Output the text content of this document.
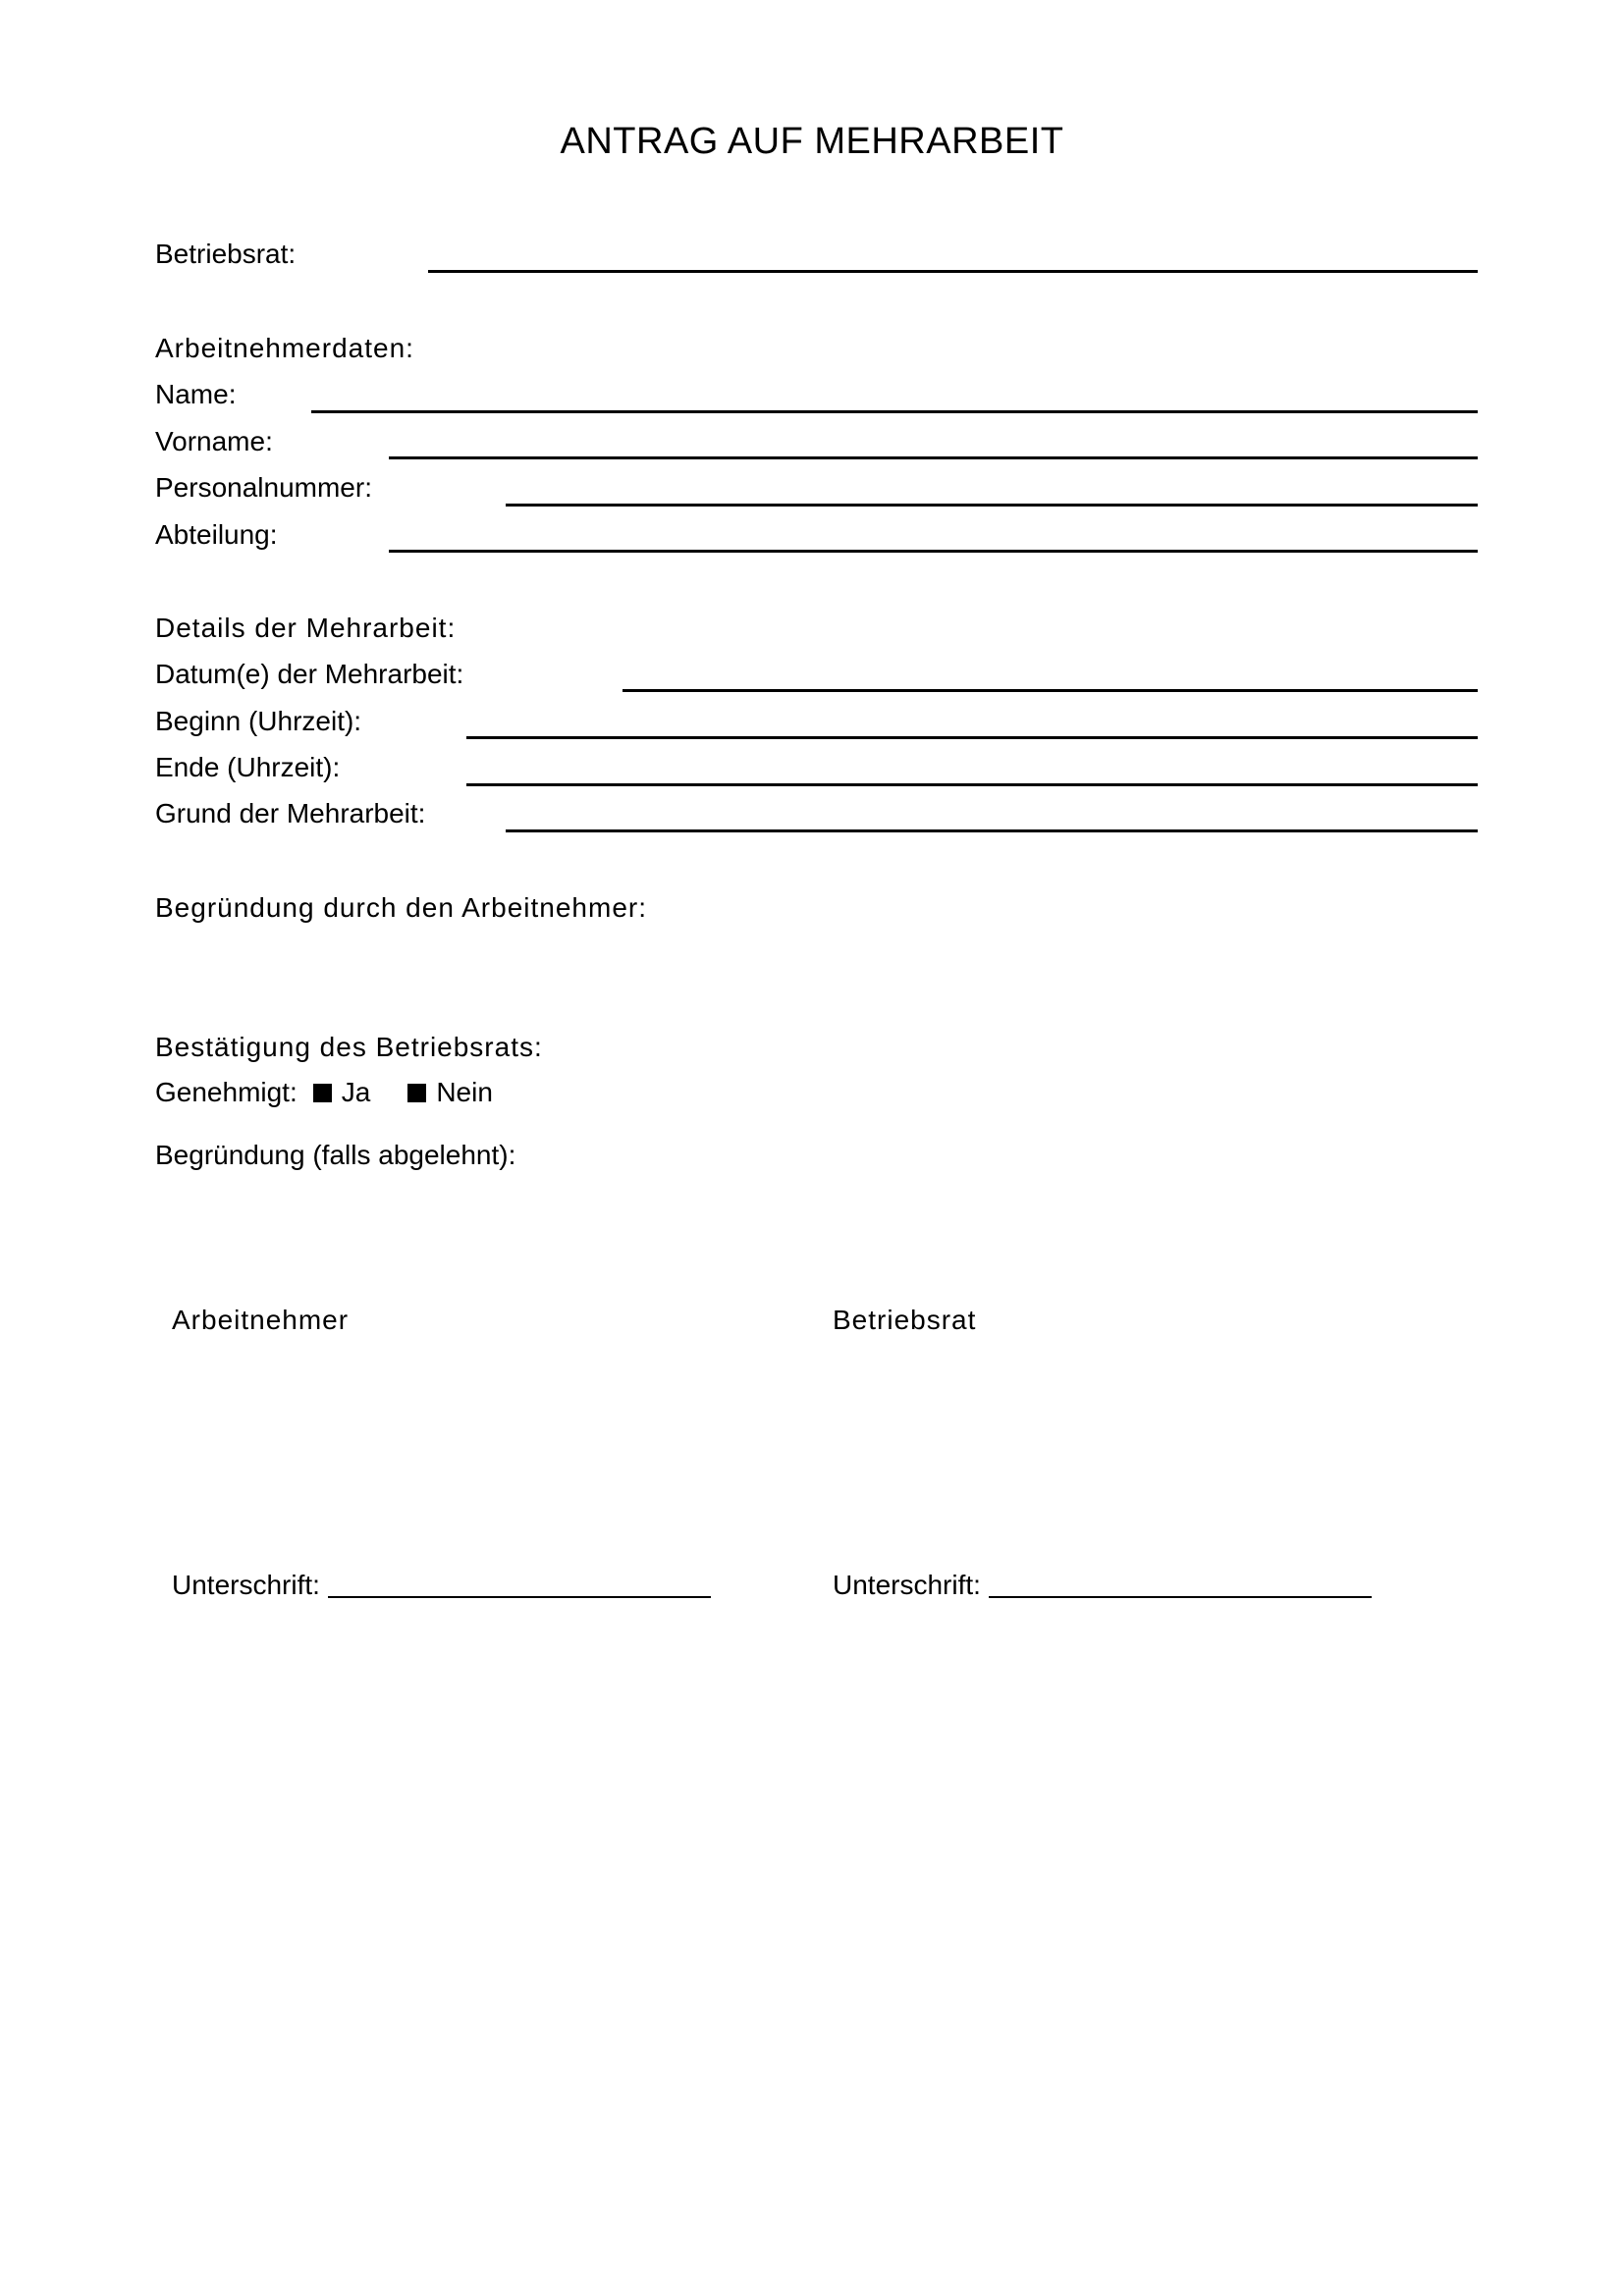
ANTRAG AUF MEHRARBEIT
Betriebsrat:
Arbeitnehmerdaten:
Name:
Vorname:
Personalnummer:
Abteilung:
Details der Mehrarbeit:
Datum(e) der Mehrarbeit:
Beginn (Uhrzeit):
Ende (Uhrzeit):
Grund der Mehrarbeit:
Begründung durch den Arbeitnehmer:
Bestätigung des Betriebsrats:
Genehmigt: Ja Nein
Begründung (falls abgelehnt):
Arbeitnehmer	Betriebsrat
Unterschrift:	Unterschrift:
